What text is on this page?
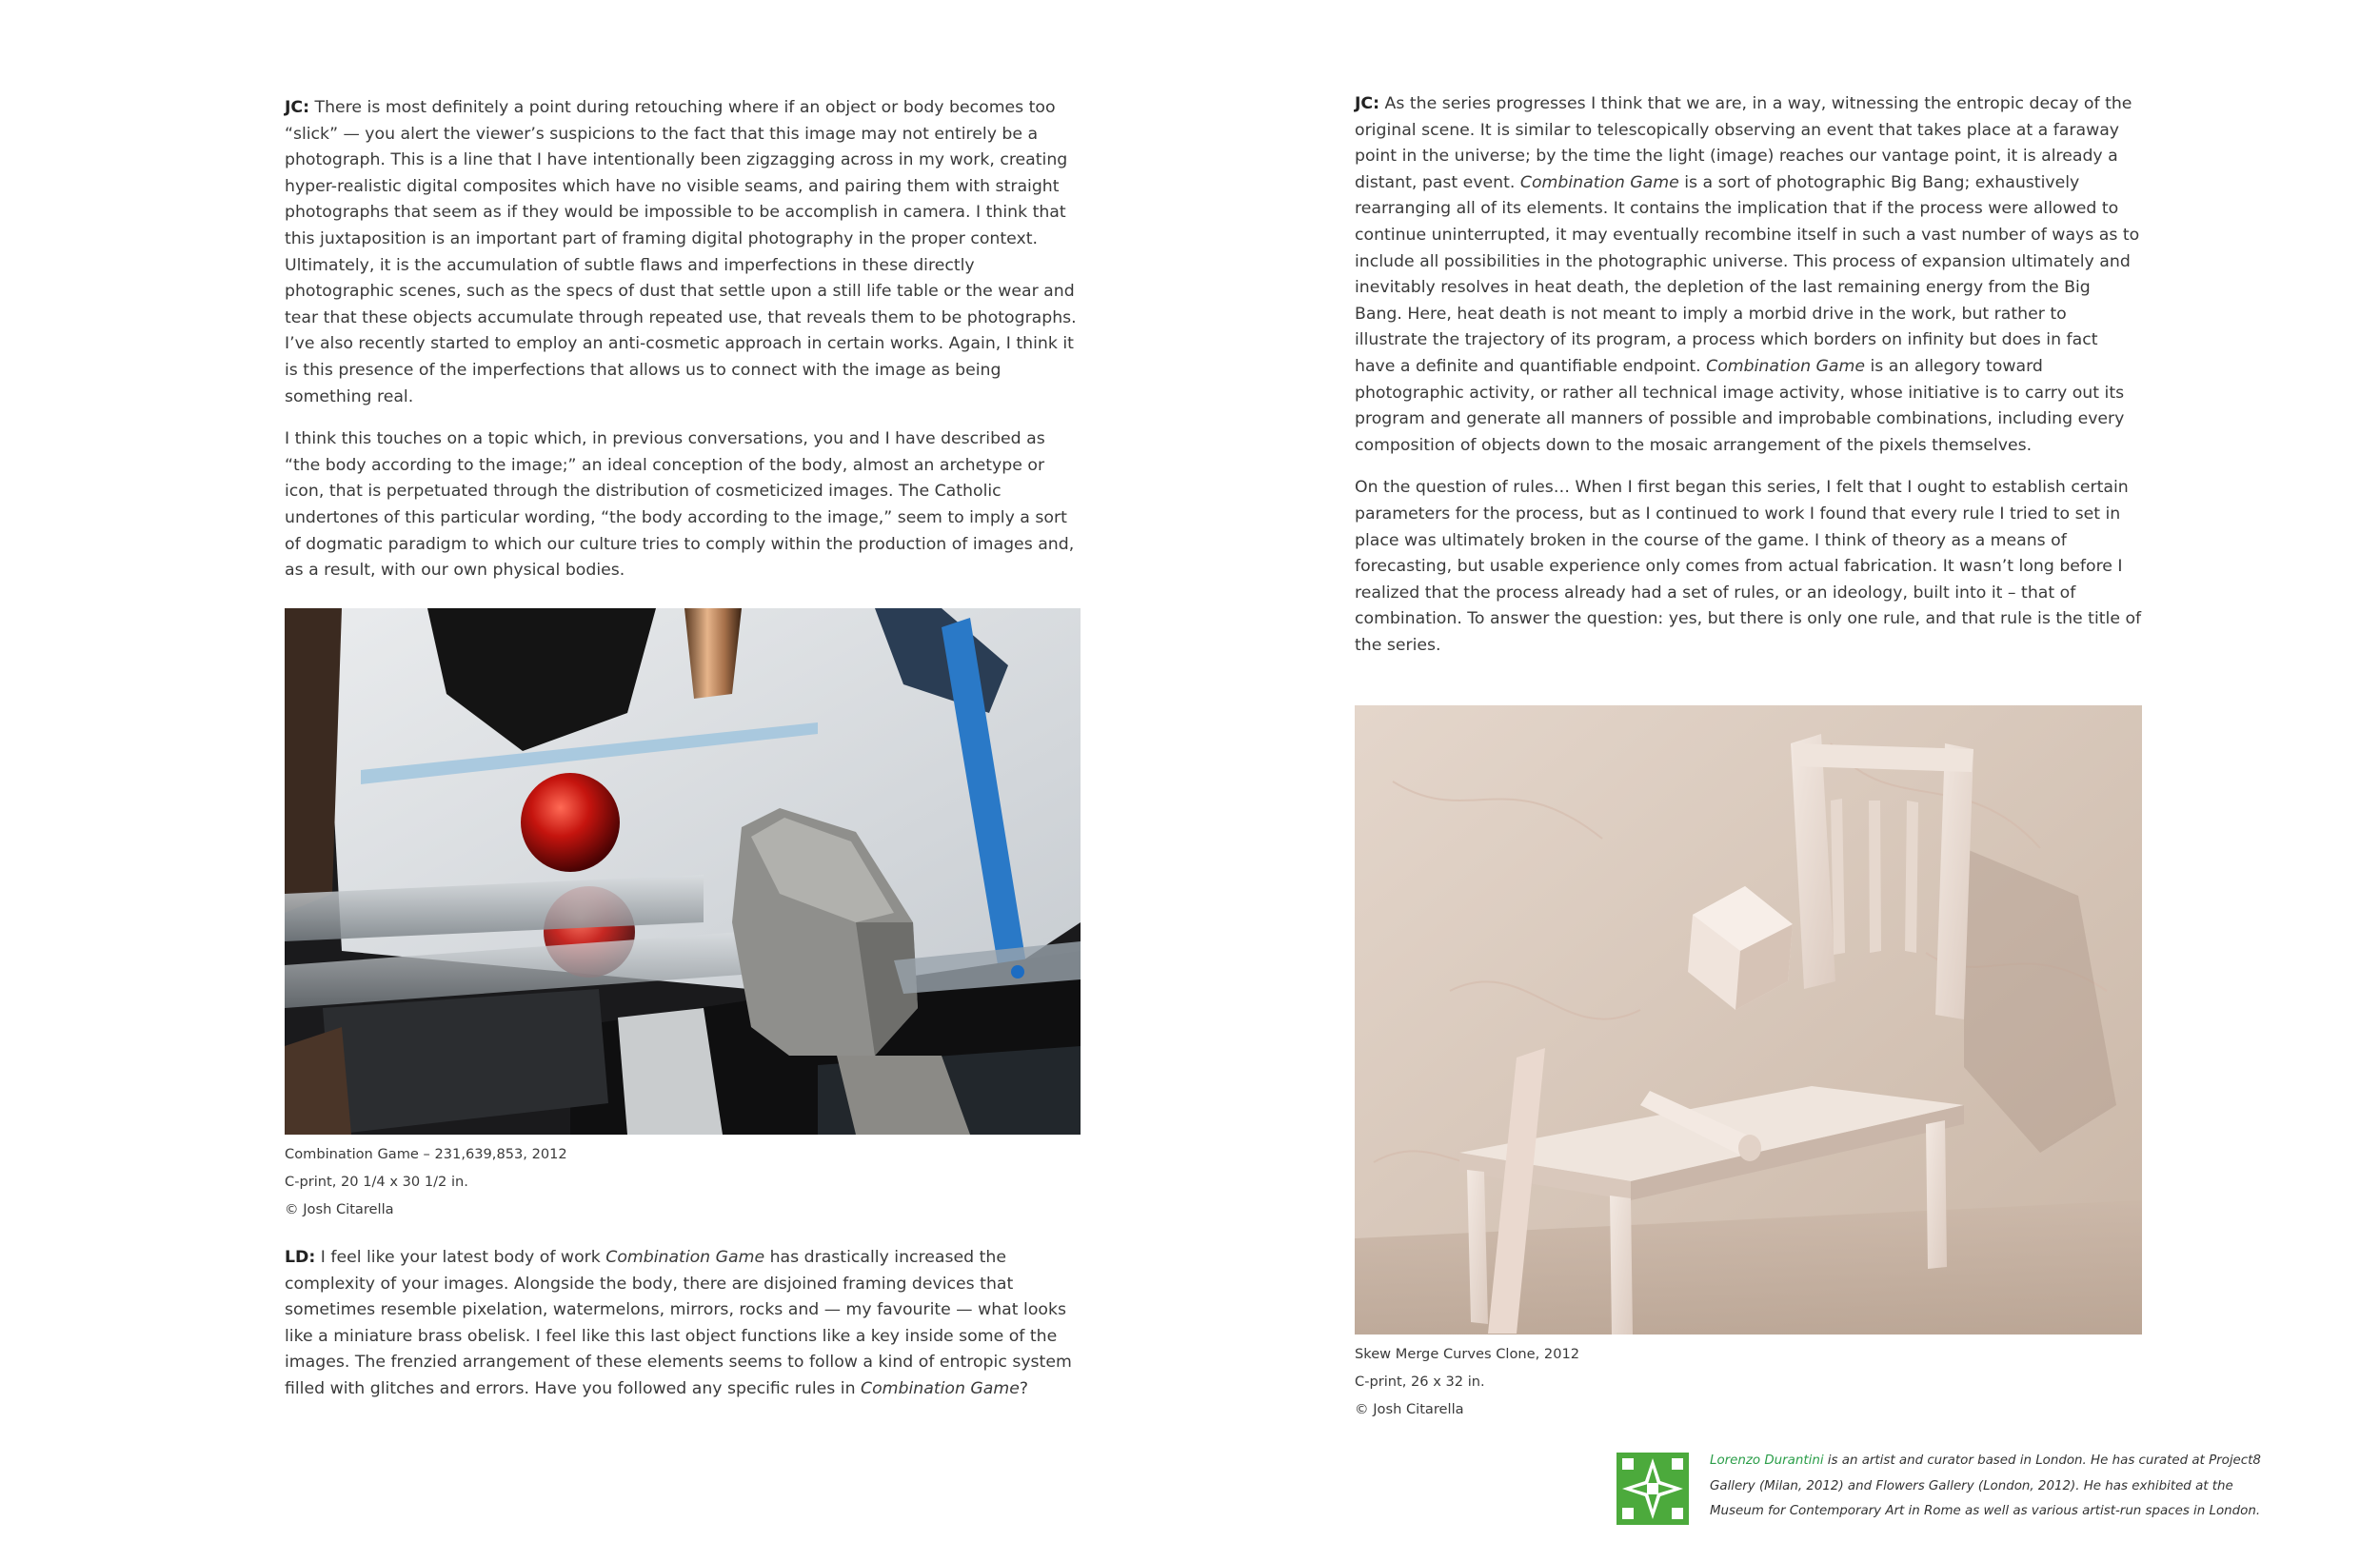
JC: There is most definitely a point during retouching where if an object or body becomes too “slick” — you alert the viewer’s suspicions to the fact that this image may not entirely be a photograph. This is a line that I have intentionally been zigzagging across in my work, creating hyper-realistic digital composites which have no visible seams, and pairing them with straight photographs that seem as if they would be impossible to be accomplish in camera. I think that this juxtaposition is an important part of framing digital photography in the proper context. Ultimately, it is the accumulation of subtle flaws and imperfections in these directly photographic scenes, such as the specs of dust that settle upon a still life table or the wear and tear that these objects accumulate through repeated use, that reveals them to be photographs. I’ve also recently started to employ an anti-cosmetic approach in certain works. Again, I think it is this presence of the imperfections that allows us to connect with the image as being something real.

I think this touches on a topic which, in previous conversations, you and I have described as “the body according to the image;” an ideal conception of the body, almost an archetype or icon, that is perpetuated through the distribution of cosmeticized images. The Catholic undertones of this particular wording, “the body according to the image,” seem to imply a sort of dogmatic paradigm to which our culture tries to comply within the production of images and, as a result, with our own physical bodies.

Combination Game – 231,639,853, 2012
C-print, 20 1/4 x 30 1/2 in.
© Josh Citarella

LD: I feel like your latest body of work Combination Game has drastically increased the complexity of your images. Alongside the body, there are disjoined framing devices that sometimes resemble pixelation, watermelons, mirrors, rocks and — my favourite — what looks like a miniature brass obelisk. I feel like this last object functions like a key inside some of the images. The frenzied arrangement of these elements seems to follow a kind of entropic system filled with glitches and errors. Have you followed any specific rules in Combination Game?

JC: As the series progresses I think that we are, in a way, witnessing the entropic decay of the original scene. It is similar to telescopically observing an event that takes place at a faraway point in the universe; by the time the light (image) reaches our vantage point, it is already a distant, past event. Combination Game is a sort of photographic Big Bang; exhaustively rearranging all of its elements. It contains the implication that if the process were allowed to continue uninterrupted, it may eventually recombine itself in such a vast number of ways as to include all possibilities in the photographic universe. This process of expansion ultimately and inevitably resolves in heat death, the depletion of the last remaining energy from the Big Bang. Here, heat death is not meant to imply a morbid drive in the work, but rather to illustrate the trajectory of its program, a process which borders on infinity but does in fact have a definite and quantifiable endpoint. Combination Game is an allegory toward photographic activity, or rather all technical image activity, whose initiative is to carry out its program and generate all manners of possible and improbable combinations, including every composition of objects down to the mosaic arrangement of the pixels themselves.

On the question of rules… When I first began this series, I felt that I ought to establish certain parameters for the process, but as I continued to work I found that every rule I tried to set in place was ultimately broken in the course of the game. I think of theory as a means of forecasting, but usable experience only comes from actual fabrication. It wasn’t long before I realized that the process already had a set of rules, or an ideology, built into it – that of combination. To answer the question: yes, but there is only one rule, and that rule is the title of the series.

Skew Merge Curves Clone, 2012
C-print, 26 x 32 in.
© Josh Citarella
Lorenzo Durantini is an artist and curator based in London. He has curated at Project8 Gallery (Milan, 2012) and Flowers Gallery (London, 2012). He has exhibited at the Museum for Contemporary Art in Rome as well as various artist-run spaces in London.
